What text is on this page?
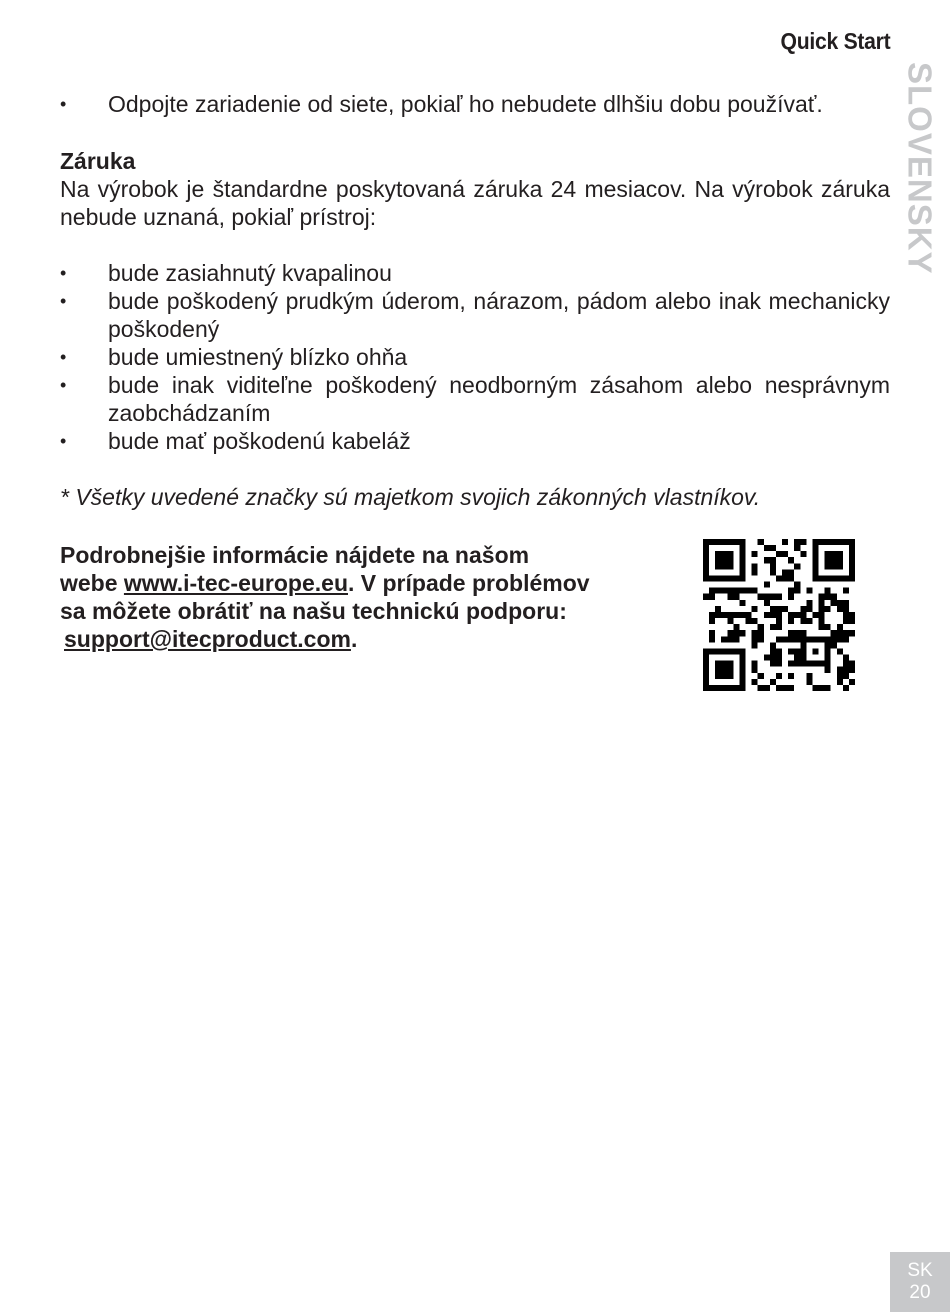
Quick Start
SLOVENSKY
• Odpojte zariadenie od siete, pokiaľ ho nebudete dlhšiu dobu používať.
Záruka

Na výrobok je štandardne poskytovaná záruka 24 mesiacov. Na výrobok záruka nebude uznaná, pokiaľ prístroj:

• bude zasiahnutý kvapalinou
• bude poškodený prudkým úderom, nárazom, pádom alebo inak mechanicky poškodený
• bude umiestnený blízko ohňa
• bude inak viditeľne poškodený neodborným zásahom alebo nesprávnym zaobchádzaním
• bude mať poškodenú kabeláž

* Všetky uvedené značky sú majetkom svojich zákonných vlastníkov.

Podrobnejšie informácie nájdete na našom
webe www.i-tec-europe.eu. V prípade problémov
sa môžete obrátiť na našu technickú podporu:
support@itecproduct.com.
SK
20
